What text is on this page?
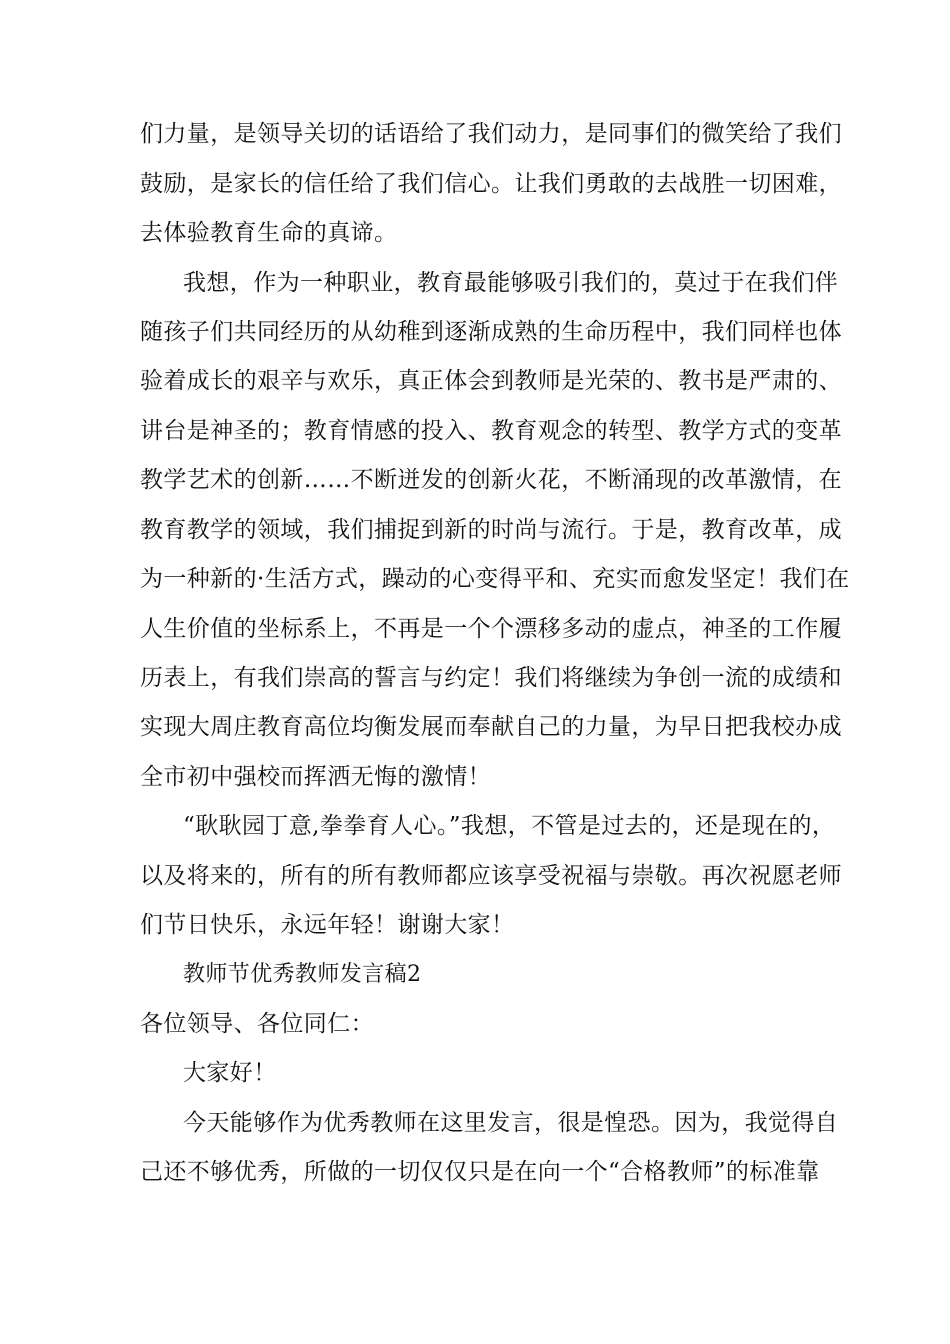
们力量，是领导关切的话语给了我们动力，是同事们的微笑给了我们
鼓励，是家长的信任给了我们信心。让我们勇敢的去战胜一切困难，
去体验教育生命的真谛。
我想，作为一种职业，教育最能够吸引我们的，莫过于在我们伴
随孩子们共同经历的从幼稚到逐渐成熟的生命历程中，我们同样也体
验着成长的艰辛与欢乐，真正体会到教师是光荣的、教书是严肃的、
讲台是神圣的；教育情感的投入、教育观念的转型、教学方式的变革
教学艺术的创新……不断迸发的创新火花，不断涌现的改革激情，在
教育教学的领域，我们捕捉到新的时尚与流行。于是，教育改革，成
为一种新的·生活方式，躁动的心变得平和、充实而愈发坚定！我们在
人生价值的坐标系上，不再是一个个漂移多动的虚点，神圣的工作履
历表上，有我们崇高的誓言与约定！我们将继续为争创一流的成绩和
实现大周庄教育高位均衡发展而奉献自己的力量，为早日把我校办成
全市初中强校而挥洒无悔的激情！
“耿耿园丁意,拳拳育人心。”我想，不管是过去的，还是现在的，
以及将来的，所有的所有教师都应该享受祝福与崇敬。再次祝愿老师
们节日快乐，永远年轻！谢谢大家！
教师节优秀教师发言稿2
各位领导、各位同仁：
大家好！
今天能够作为优秀教师在这里发言，很是惶恐。因为，我觉得自
己还不够优秀，所做的一切仅仅只是在向一个“合格教师”的标准靠
